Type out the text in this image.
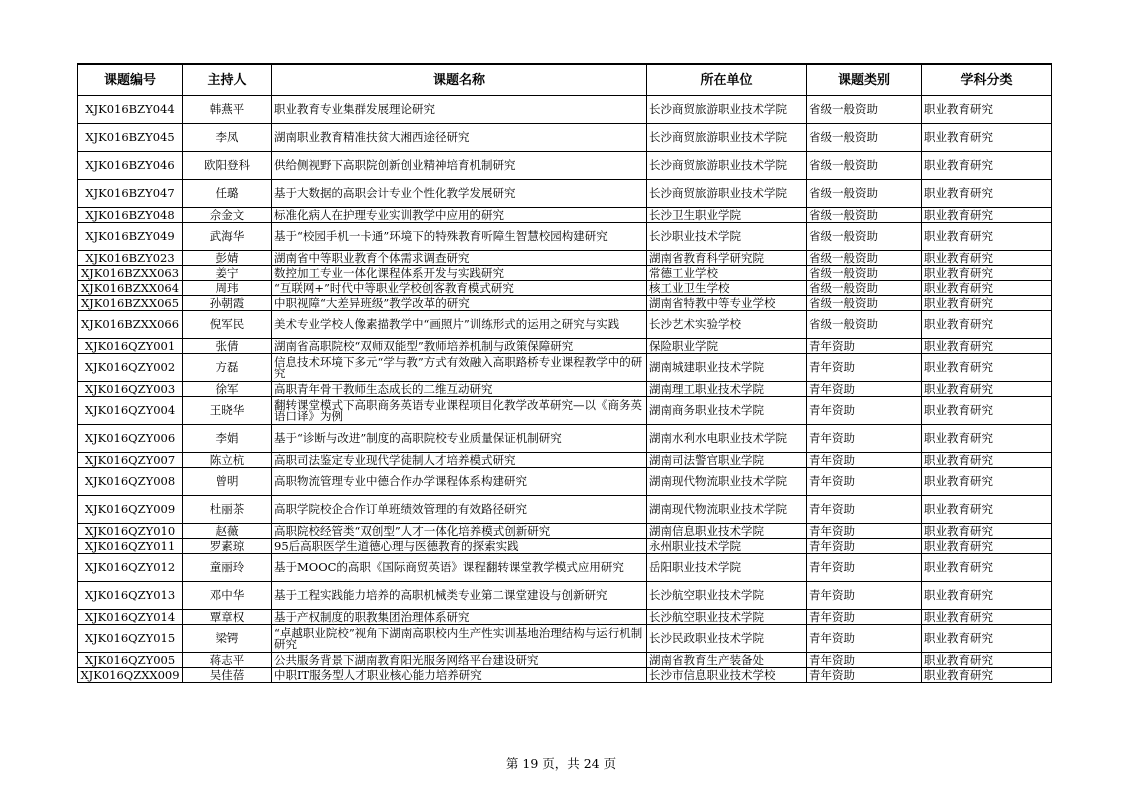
课题编号	主持人	课题名称	所在单位	课题类别	学科分类
XJK016BZY044	韩燕平	职业教育专业集群发展理论研究	长沙商贸旅游职业技术学院	省级一般资助	职业教育研究
XJK016BZY045	李凤	湖南职业教育精准扶贫大湘西途径研究	长沙商贸旅游职业技术学院	省级一般资助	职业教育研究
XJK016BZY046	欧阳登科	供给侧视野下高职院创新创业精神培育机制研究	长沙商贸旅游职业技术学院	省级一般资助	职业教育研究
XJK016BZY047	任璐	基于大数据的高职会计专业个性化教学发展研究	长沙商贸旅游职业技术学院	省级一般资助	职业教育研究
XJK016BZY048	佘金文	标准化病人在护理专业实训教学中应用的研究	长沙卫生职业学院	省级一般资助	职业教育研究
XJK016BZY049	武海华	基于“校园手机一卡通”环境下的特殊教育听障生智慧校园构建研究	长沙职业技术学院	省级一般资助	职业教育研究
XJK016BZY023	彭婧	湖南省中等职业教育个体需求调查研究	湖南省教育科学研究院	省级一般资助	职业教育研究
XJK016BZXX063	姜宁	数控加工专业一体化课程体系开发与实践研究	常德工业学校	省级一般资助	职业教育研究
XJK016BZXX064	周玮	“互联网+”时代中等职业学校创客教育模式研究	核工业卫生学校	省级一般资助	职业教育研究
XJK016BZXX065	孙朝霞	中职视障“大差异班级”教学改革的研究	湖南省特教中等专业学校	省级一般资助	职业教育研究
XJK016BZXX066	倪军民	美术专业学校人像素描教学中“画照片”训练形式的运用之研究与实践	长沙艺术实验学校	省级一般资助	职业教育研究
XJK016QZY001	张倩	湖南省高职院校“双师双能型”教师培养机制与政策保障研究	保险职业学院	青年资助	职业教育研究
XJK016QZY002	方磊	信息技术环境下多元“学与教”方式有效融入高职路桥专业课程教学中的研究	湖南城建职业技术学院	青年资助	职业教育研究
XJK016QZY003	徐军	高职青年骨干教师生态成长的二维互动研究	湖南理工职业技术学院	青年资助	职业教育研究
XJK016QZY004	王晓华	翻转课堂模式下高职商务英语专业课程项目化教学改革研究—以《商务英语口译》为例	湖南商务职业技术学院	青年资助	职业教育研究
XJK016QZY006	李娟	基于“诊断与改进”制度的高职院校专业质量保证机制研究	湖南水利水电职业技术学院	青年资助	职业教育研究
XJK016QZY007	陈立杭	高职司法鉴定专业现代学徒制人才培养模式研究	湖南司法警官职业学院	青年资助	职业教育研究
XJK016QZY008	曾明	高职物流管理专业中德合作办学课程体系构建研究	湖南现代物流职业技术学院	青年资助	职业教育研究
XJK016QZY009	杜丽茶	高职学院校企合作订单班绩效管理的有效路径研究	湖南现代物流职业技术学院	青年资助	职业教育研究
XJK016QZY010	赵薇	高职院校经管类“双创型”人才一体化培养模式创新研究	湖南信息职业技术学院	青年资助	职业教育研究
XJK016QZY011	罗素琼	95后高职医学生道德心理与医德教育的探索实践	永州职业技术学院	青年资助	职业教育研究
XJK016QZY012	童丽玲	基于MOOC的高职《国际商贸英语》课程翻转课堂教学模式应用研究	岳阳职业技术学院	青年资助	职业教育研究
XJK016QZY013	邓中华	基于工程实践能力培养的高职机械类专业第二课堂建设与创新研究	长沙航空职业技术学院	青年资助	职业教育研究
XJK016QZY014	覃章权	基于产权制度的职教集团治理体系研究	长沙航空职业技术学院	青年资助	职业教育研究
XJK016QZY015	梁锷	“卓越职业院校”视角下湖南高职校内生产性实训基地治理结构与运行机制研究	长沙民政职业技术学院	青年资助	职业教育研究
XJK016QZY005	蒋志平	公共服务背景下湖南教育阳光服务网络平台建设研究	湖南省教育生产装备处	青年资助	职业教育研究
XJK016QZXX009	吴佳蓓	中职IT服务型人才职业核心能力培养研究	长沙市信息职业技术学校	青年资助	职业教育研究
第 19 页，共 24 页
